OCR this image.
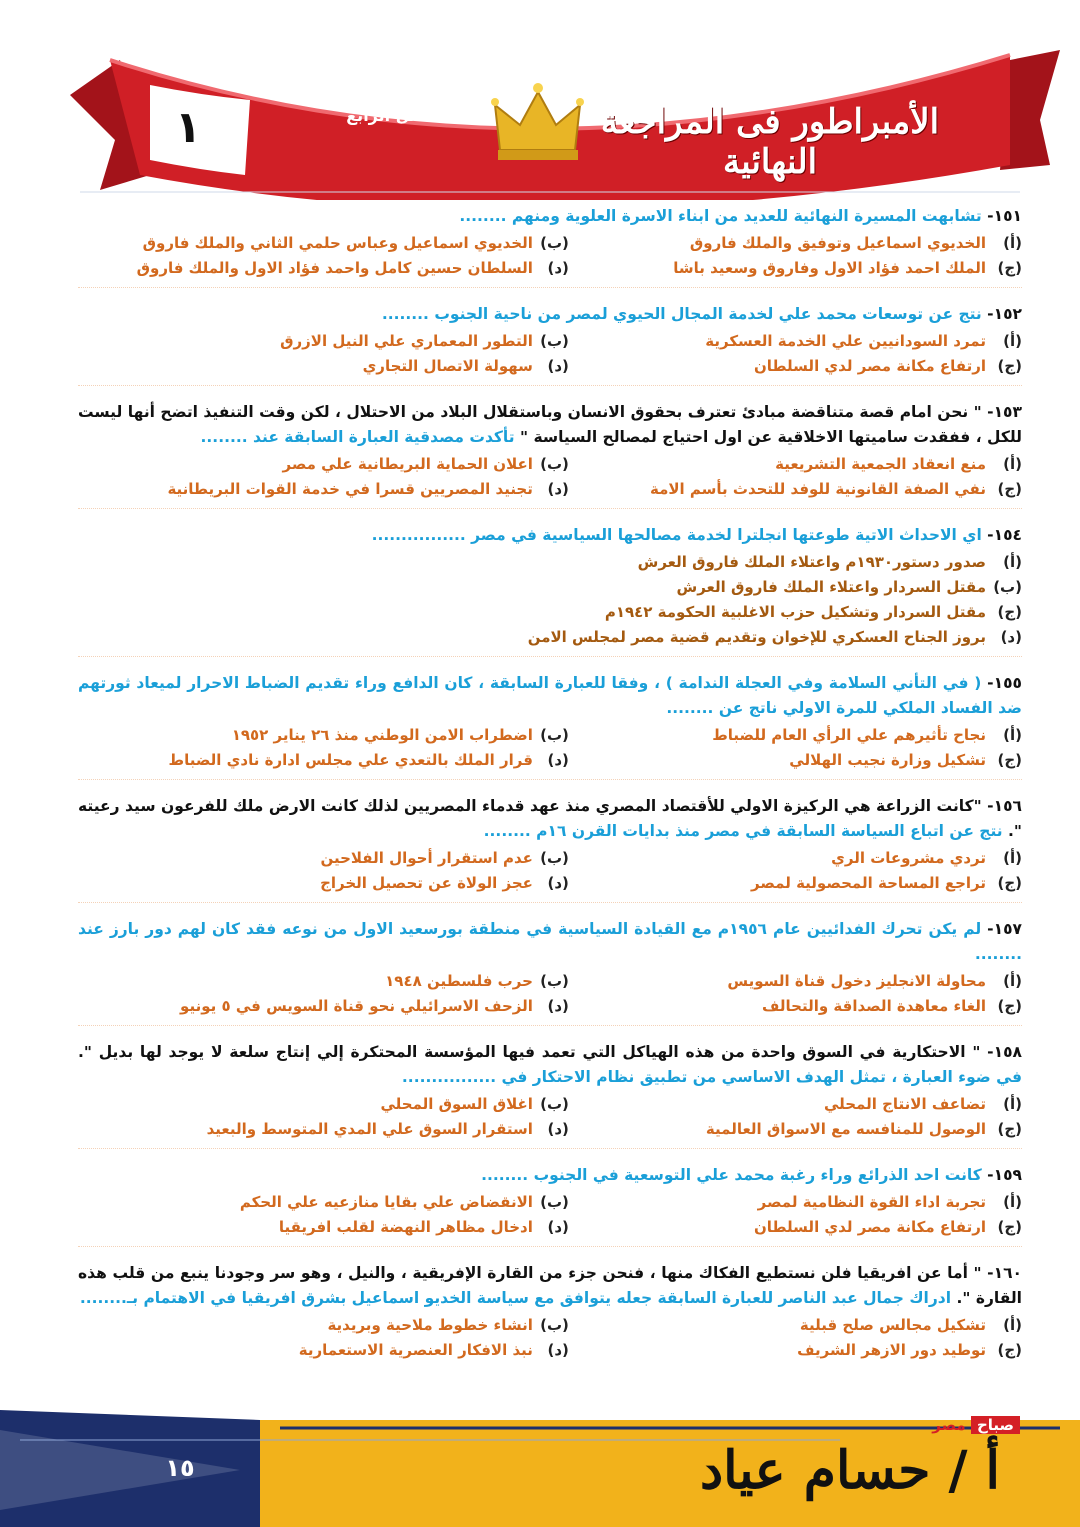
١
من الفصل الأول
إلى الفصل الرابع	الأمبراطور فى المراجعة النهائية
١٥١- تشابهت المسيرة النهائية للعديد من ابناء الاسرة العلوية ومنهم ........
(أ)الخديوي اسماعيل وتوفيق والملك فاروق
(ب)الخديوي اسماعيل وعباس حلمي الثاني والملك فاروق
(ج)الملك احمد فؤاد الاول وفاروق وسعيد باشا
(د)السلطان حسين كامل واحمد فؤاد الاول والملك فاروق
١٥٢- نتج عن توسعات محمد علي لخدمة المجال الحيوي لمصر من ناحية الجنوب ........
(أ)تمرد السودانيين علي الخدمة العسكرية
(ب)التطور المعماري علي النيل الازرق
(ج)ارتفاع مكانة مصر لدي السلطان
(د)سهولة الاتصال التجاري
١٥٣- " نحن امام قصة متناقضة مبادئ تعترف بحقوق الانسان وباستقلال البلاد من الاحتلال ، لكن وقت التنفيذ اتضح أنها ليست للكل ، ففقدت ساميتها الاخلاقية عن اول احتياج لمصالح السياسة " تأكدت مصدقية العبارة السابقة عند ........
(أ)منع انعقاد الجمعية التشريعية
(ب)اعلان الحماية البريطانية علي مصر
(ج)نفي الصفة القانونية للوفد للتحدث بأسم الامة
(د)تجنيد المصريين قسرا في خدمة القوات البريطانية
١٥٤- اي الاحداث الاتية طوعتها انجلترا لخدمة مصالحها السياسية في مصر ................
(أ)صدور دستور١٩٣٠م واعتلاء الملك فاروق العرش
(ب)مقتل السردار واعتلاء الملك فاروق العرش
(ج)مقتل السردار وتشكيل حزب الاغلبية الحكومة ١٩٤٢م
(د)بروز الجناح العسكري للإخوان وتقديم قضية مصر لمجلس الامن
١٥٥- ( في التأني السلامة وفي العجلة الندامة ) ، وفقا للعبارة السابقة ، كان الدافع وراء تقديم الضباط الاحرار لميعاد ثورتهم ضد الفساد الملكي للمرة الاولي ناتج عن ........
(أ)نجاح تأثيرهم علي الرأي العام للضباط
(ب)اضطراب الامن الوطني منذ ٢٦ يناير ١٩٥٢
(ج)تشكيل وزارة نجيب الهلالي
(د)قرار الملك بالتعدي علي مجلس ادارة نادي الضباط
١٥٦- "كانت الزراعة هي الركيزة الاولي للأقتصاد المصري منذ عهد قدماء المصريين لذلك كانت الارض ملك للفرعون سيد رعيته ". نتج عن اتباع السياسة السابقة في مصر منذ بدايات القرن ١٦م ........
(أ)تردي مشروعات الري
(ب)عدم استقرار أحوال الفلاحين
(ج)تراجع المساحة المحصولية لمصر
(د)عجز الولاة عن تحصيل الخراج
١٥٧- لم يكن تحرك الفدائيين عام ١٩٥٦م مع القيادة السياسية في منطقة بورسعيد الاول من نوعه فقد كان لهم دور بارز عند ........
(أ)محاولة الانجليز دخول قناة السويس
(ب)حرب فلسطين ١٩٤٨
(ج)الغاء معاهدة الصداقة والتحالف
(د)الزحف الاسرائيلي نحو قناة السويس في ٥ يونيو
١٥٨- " الاحتكارية في السوق واحدة من هذه الهياكل التي تعمد فيها المؤسسة المحتكرة إلي إنتاج سلعة لا يوجد لها بديل ". في ضوء العبارة ، تمثل الهدف الاساسي من تطبيق نظام الاحتكار في ................
(أ)تضاعف الانتاج المحلي
(ب)اغلاق السوق المحلي
(ج)الوصول للمنافسه مع الاسواق العالمية
(د)استقرار السوق علي المدي المتوسط والبعيد
١٥٩- كانت احد الذرائع وراء رغبة محمد علي التوسعية في الجنوب ........
(أ)تجربة اداء القوة النظامية لمصر
(ب)الانقضاض علي بقايا منازعيه علي الحكم
(ج)ارتفاع مكانة مصر لدي السلطان
(د)ادخال مظاهر النهضة لقلب افريقيا
١٦٠- " أما عن افريقيا فلن نستطيع الفكاك منها ، فنحن جزء من القارة الإفريقية ، والنيل ، وهو سر وجودنا ينبع من قلب هذه القارة ". ادراك جمال عبد الناصر للعبارة السابقة جعله يتوافق مع سياسة الخديو اسماعيل بشرق افريقيا في الاهتمام بـ........
(أ)تشكيل مجالس صلح قبلية
(ب)انشاء خطوط ملاحية وبريدية
(ج)توطيد دور الازهر الشريف
(د)نبذ الافكار العنصرية الاستعمارية
١٥
صباح مصر
أ / حسام عياد
